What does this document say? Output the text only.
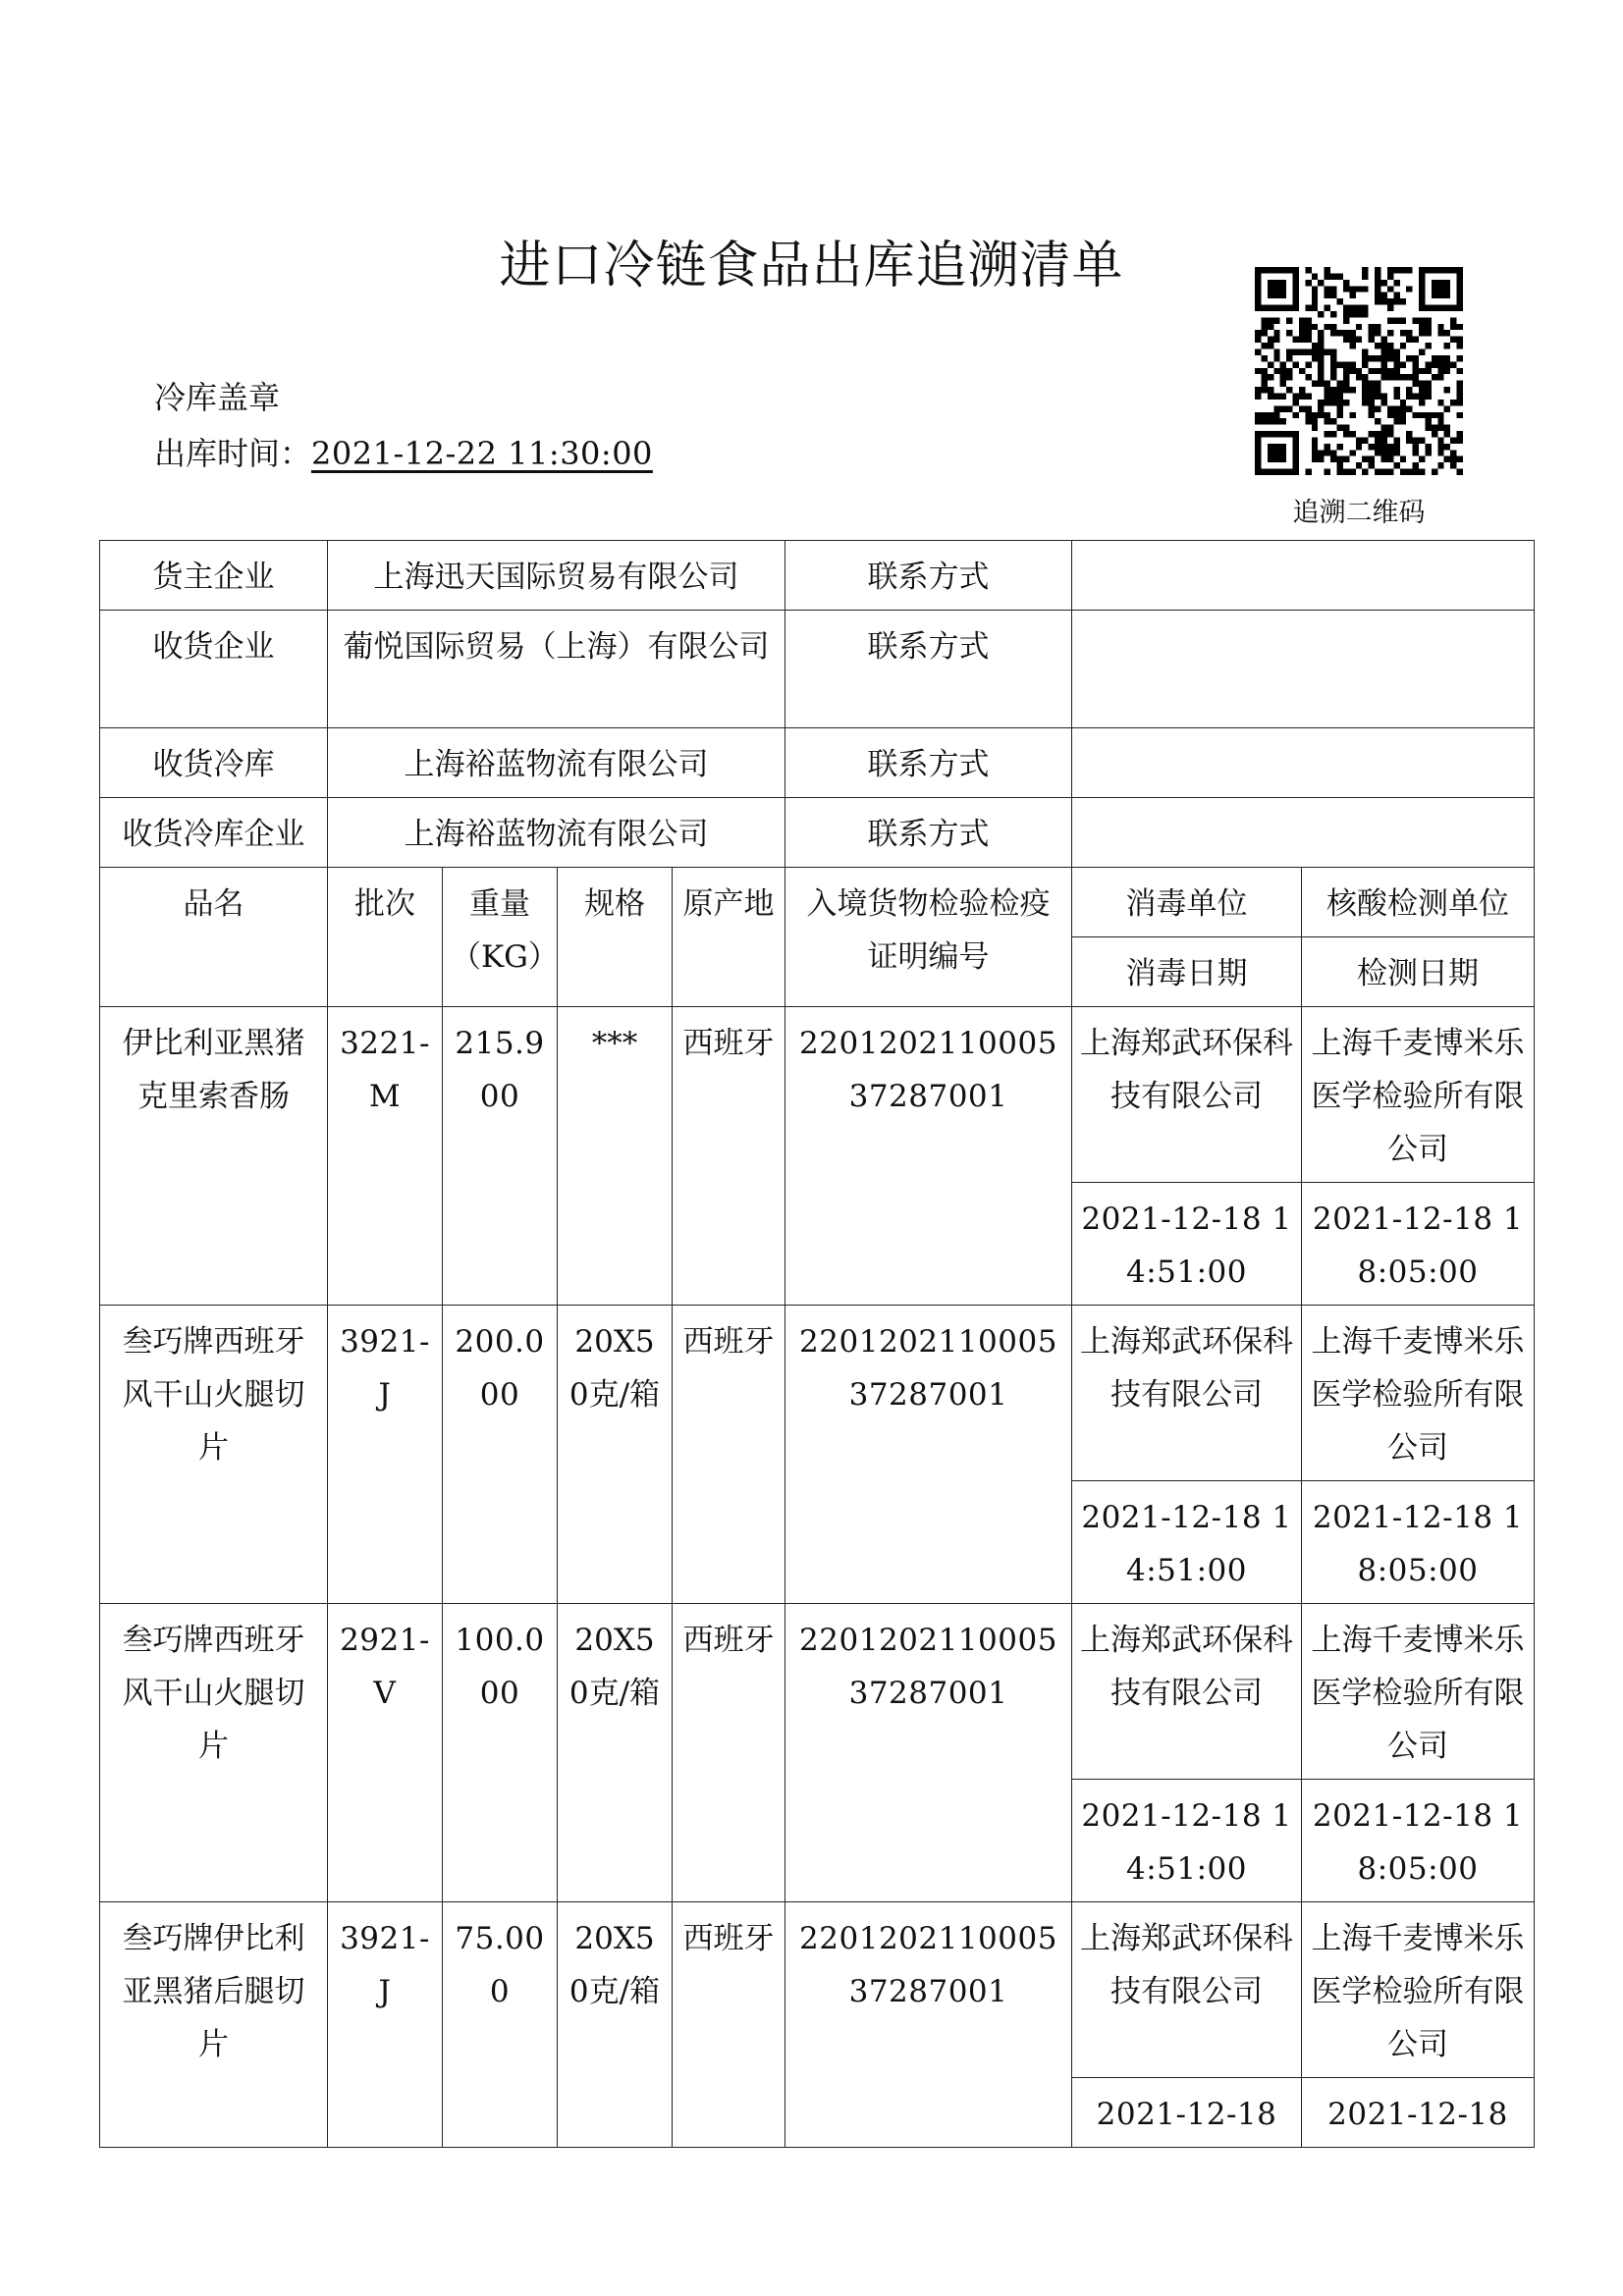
进口冷链食品出库追溯清单
冷库盖章
出库时间：2021-12-22 11:30:00
追溯二维码
货主企业	上海迅天国际贸易有限公司				联系方式		
收货企业	葡悦国际贸易（上海）有限公司				联系方式		
收货冷库	上海裕蓝物流有限公司				联系方式		
收货冷库企业	上海裕蓝物流有限公司				联系方式		
品名	批次	重量（KG）	规格	原产地	入境货物检验检疫证明编号	消毒单位	核酸检测单位
						消毒日期	检测日期
伊比利亚黑猪克里索香肠	3221-M	215.900	***	西班牙	220120211000537287001	上海郑武环保科技有限公司	上海千麦博米乐医学检验所有限公司
						2021-12-18 14:51:00	2021-12-18 18:05:00
叁巧牌西班牙风干山火腿切片	3921-J	200.000	20X50克/箱	西班牙	220120211000537287001	上海郑武环保科技有限公司	上海千麦博米乐医学检验所有限公司
						2021-12-18 14:51:00	2021-12-18 18:05:00
叁巧牌西班牙风干山火腿切片	2921-V	100.000	20X50克/箱	西班牙	220120211000537287001	上海郑武环保科技有限公司	上海千麦博米乐医学检验所有限公司
						2021-12-18 14:51:00	2021-12-18 18:05:00
叁巧牌伊比利亚黑猪后腿切片	3921-J	75.000	20X50克/箱	西班牙	220120211000537287001	上海郑武环保科技有限公司	上海千麦博米乐医学检验所有限公司
						2021-12-18	2021-12-18
